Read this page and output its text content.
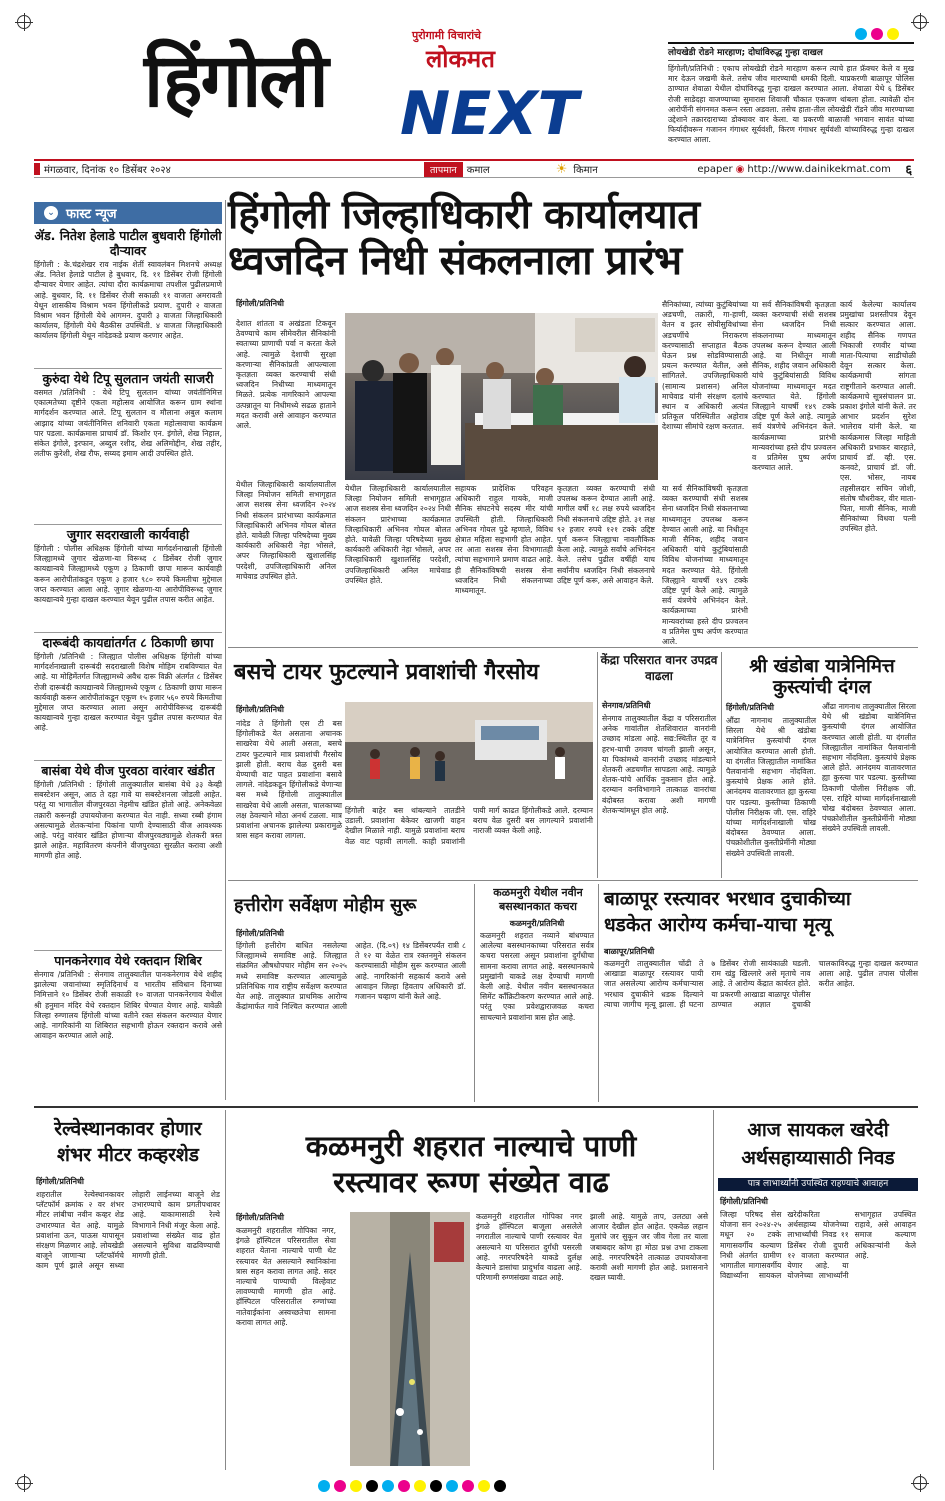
हिंगोली
पुरोगामी विचारांचे
लोकमत
NEXT
लोयखेडी रोडने मारहाण; दोघांविरुद्ध गुन्हा दाखल
हिंगोली/प्रतिनिधी : एकाच लोयखेडी रोडने मारहाण करून त्याचे हात फ्रॅक्चर केले व मुख मार देऊन जखमी केले. तसेच जीव मारण्याची धमकी दिली. याप्रकरणी बाळापूर पोलिस ठाण्यात शेवाळा येथील दोघांविरुद्ध गुन्हा दाखल करण्यात आला. शेवाळा येथे ६ डिसेंबर रोजी साडेदहा वाजण्याच्या सुमारास शिवाजी चौकात एकजण थांबला होता. त्यावेळी दोन आरोपींनी संगनमत करून रस्ता अडवला. तसेच हाता-तील लोयखेडी रॉडने जीव मारण्याच्या उद्देशाने तक्रारदाराच्या डोक्यावर वार केला. या प्रकरणी बाळाजी भगवान सावंत यांच्या फिर्यादीवरून गजानन गंगाधर सूर्यवंशी, किरण गंगाधर सूर्यवंशी यांच्याविरुद्ध गुन्हा दाखल करण्यात आला.
मंगळवार, दिनांक १० डिसेंबर २०२४	तापमान	कमाल	☀ किमान	epaper ◉ http://www.dainikekmat.com	६
⌄ फास्ट न्यूज
ॲड. नितेश हेलाडे पाटील बुधवारी हिंगोली दौऱ्यावर
हिंगोली : के.चंद्रशेखर राव नाईक शेतीं स्वावलंबन मिशनचे अध्यक्ष ॲड. नितेश हेलाडे पाटील हे बुधवार, दि. ११ डिसेंबर रोजी हिंगोली दौऱ्यावर येणार आहेत. त्यांचा दौरा कार्यक्रमाचा तपशील पुढीलप्रमाणे आहे. बुधवार, दि. ११ डिसेंबर रोजी सकाळी ११ वाजता अमरावती येथून शासकीय विश्राम भवन हिंगोलीकडे प्रयाण. दुपारी २ वाजता विश्राम भवन हिंगोली येथे आगमन. दुपारी ३ वाजता जिल्हाधिकारी कार्यालय, हिंगोली येथे बैठकीस उपस्थिती. ४ वाजता जिल्हाधिकारी कार्यालय हिंगोली येथून नांदेडकडे प्रयाण करणार आहेत.
कुरुंदा येथे टिपू सुलतान जयंती साजरी
वसमत /प्रतिनिधी : येथे टिपू सुलतान यांच्या जयंतीनिमित्त एकात्मतेच्या दृष्टीने एकता महोत्सव आयोजित करून ग्राम स्थांना मार्गदर्शन करण्यात आले. टिपू सुलतान व मौलाना अबुल कलाम आझाद यांच्या जयंतीनिमित्त शनिवारी एकता महोत्सवाचा कार्यक्रम पार पडला. कार्यक्रमास प्राचार्य डॉ. किशोर एन. इंगोले, शेख निहाल, संकेत इंगोले, इरफान, अब्दुल रशीद, शेख अलिमोद्दीन, शेख तहीर, लतीफ कुरेशी, शेख रौफ, सय्यद इमाम आदी उपस्थित होते.
जुगार सदराखाली कार्यवाही
हिंगोली : पोलीस अधिक्षक हिंगोली यांच्या मार्गदर्शनाखाली हिंगोली जिल्ह्यामध्ये जुगार खेळणा-या विरूध्द ८ डिसेंबर रोजी जुगार कायद्यान्वये जिल्ह्यामध्ये एकूण ३ ठिकाणी छापा मारून कार्यवाही करून आरोपीतांकडून एकूण ३ हजार ९८० रुपये किमतीचा मुद्देमाल जप्त करण्यात आला आहे. जुगार खेळणा-या आरोपीविरूध्द जुगार कायद्यान्वये गुन्हा दाखल करण्यात येवून पुढील तपास करीत आहेत.
दारूबंदी कायद्यांतर्गत ८ ठिकाणी छापा
हिंगोली /प्रतिनिधी : जिल्ह्यात पोलीस अधिक्षक हिंगोली यांच्या मार्गदर्शनाखाली दारूबंदी सदराखाली विशेष मोहिम राबविण्यात येत आहे. या मोहिमेंतर्गत जिल्ह्यामध्ये अवैध दारू विक्री अंतर्गत ८ डिसेंबर रोजी दारूबंदी कायद्यान्वये जिल्ह्यामध्ये एकूण ८ ठिकाणी छापा मारून कार्यवाही करून आरोपीतांकडून एकूण १५ हजार ५६० रुपये किमतीचा मुद्देमाल जप्त करण्यात आला असून आरोपीविरूध्द दारूबंदी कायद्यान्वये गुन्हा दाखल करण्यात येवून पुढील तपास करण्यात येत आहे.
बासंबा येथे वीज पुरवठा वारंवार खंडीत
हिंगोली /प्रतिनिधी : हिंगोली तालुक्यातील बासंबा येथे ३३ केव्ही सबस्टेशन असून, आठ ते दहा गावे या सबस्टेशनला जोडली आहेत. परंतु या भागातील वीजपुरवठा नेहमीच खंडित होतो आहे. अनेकवेळा तक्रारी करूनही उपाययोजना करण्यात येत नाही. सध्या रब्बी हंगाम असल्यामुळे शेतकऱ्यांना पिकांना पाणी देण्यासाठी वीज आवश्यक आहे. परंतु वारंवार खंडित होणाऱ्या वीजपुरवठ्यामुळे शेतकरी त्रस्त झाले आहेत. महावितरण कंपनीने वीजपुरवठा सुरळीत करावा अशी मागणी होत आहे.
पानकनेरगाव येथे रक्तदान शिबिर
सेनगाव /प्रतिनिधी : सेनगाव तालुक्यातील पानकनेरगाव येथे शहीद झालेल्या जवानांच्या स्मृतिदिनार्थ व भारतीय संविधान दिनाच्या निमित्ताने १० डिसेंबर रोजी सकाळी १० वाजता पानकनेरगाव येथील श्री हनुमान मंदिर येथे रक्तदान शिबिर घेण्यात येणार आहे. यावेळी जिल्हा रुग्णालय हिंगोली यांच्या वतीने रक्त संकलन करण्यात येणार आहे. नागरिकांनी या शिबिरात सहभागी होऊन रक्तदान करावे असे आवाहन करण्यात आले आहे.
हिंगोली जिल्हाधिकारी कार्यालयात
ध्वजदिन निधी संकलनाला प्रारंभ
हिंगोली/प्रतिनिधी
देशात शांतता व अखंडता टिकवून ठेवण्याचे काम सीमेवरील सैनिकांनी स्वतःच्या प्राणाची पर्वा न करता केले आहे. त्यामुळे देशाची सुरक्षा करणाऱ्या सैनिकांप्रती आपल्याला कृतज्ञता व्यक्त करण्याची संधी ध्वजदिन निधीच्या माध्यमातून मिळते. प्रत्येक नागरिकाने आपल्या उत्पन्नातून या निधीमध्ये सढळ हाताने मदत करावी असे आवाहन करण्यात आले.
येथील जिल्हाधिकारी कार्यालयातील जिल्हा नियोजन समिती सभागृहात आज सशस्त्र सेना ध्वजदिन २०२४ निधी संकलन प्रारंभाच्या कार्यक्रमात जिल्हाधिकारी अभिनव गोयल बोलत होते. यावेळी जिल्हा परिषदेच्या मुख्य कार्यकारी अधिकारी नेहा भोसले, अपर जिल्हाधिकारी खुशालसिंह परदेशी, उपजिल्हाधिकारी अनिल माचेवाड उपस्थित होते.
सहायक प्रादेशिक परिवहन अधिकारी राहुल गायके, माजी सैनिक संघटनेचे सदस्य मीर यांची उपस्थिती होती. जिल्हाधिकारी अभिनव गोयल पुढे म्हणाले, विविध क्षेत्रात महिला सहभागी होत आहेत. तर आता सशस्त्र सेना विभागातही त्यांचा सहभागाने प्रमाण वाढत आहे. ही सैनिकांविषयी सशस्त्र सेना ध्वजदिन निधी संकलनाच्या माध्यमातून.
कृतज्ञता व्यक्त करण्याची संधी उपलब्ध करून देण्यात आली आहे. मागील वर्षी १८ लक्ष रुपये ध्वजदिन निधी संकलनाचे उद्दिष्ट होते. ३१ लक्ष ९२ हजार रुपये १२१ टक्के उद्दिष्ट पूर्ण करून जिल्ह्याचा नावलौकिक केला आहे. त्यामुळे सर्वांचे अभिनंदन केले. तसेच पुढील वर्षीही याच सर्वांनीच ध्वजदिन निधी संकलनाचे उद्दिष्ट पूर्ण करू, असे आवाहन केले.
येथील जिल्हाधिकारी कार्यालयातील जिल्हा नियोजन समिती सभागृहात आज सशस्त्र सेना ध्वजदिन २०२४ निधी संकलन प्रारंभाच्या कार्यक्रमात जिल्हाधिकारी अभिनव गोयल बोलत होते. यावेळी जिल्हा परिषदेच्या मुख्य कार्यकारी अधिकारी नेहा भोसले, अपर जिल्हाधिकारी खुशालसिंह परदेशी, उपजिल्हाधिकारी अनिल माचेवाड उपस्थित होते.
सैनिकांच्या, त्यांच्या कुटुंबियांच्या अडचणी, तक्रारी, गा-हाणी, वेतन व इतर सोयीसुविधांच्या अडचणींचे निराकरण करण्यासाठी सप्ताहात बैठक घेऊन प्रश्न सोडविण्यासाठी प्रयत्न करण्यात येतील, असे सांगितले. उपजिल्हाधिकारी (सामान्य प्रशासन) अनिल माचेवाड यांनी संरक्षण दलांचे स्थान व अधिकारी अत्यंत प्रतिकूल परिस्थितीत अहोरात्र देशाच्या सीमांचे रक्षण करतात.
या सर्व सैनिकांविषयी कृतज्ञता व्यक्त करण्याची संधी सशस्त्र सेना ध्वजदिन निधी संकलनाच्या माध्यमातून उपलब्ध करून देण्यात आली आहे. या निधीतून माजी सैनिक, शहीद जवान अधिकारी यांचे कुटुंबियांसाठी विविध योजनांच्या माध्यमातून मदत करण्यात येते. हिंगोली जिल्ह्याने याचर्षी १४९ टक्के उद्दिष्ट पूर्ण केले आहे. त्यामुळे सर्व यंत्रणेचे अभिनंदन केले. कार्यक्रमाच्या प्रारंभी मान्यवरांच्या हस्ते दीप प्रज्वलन व प्रतिमेस पुष्प अर्पण करण्यात आले.
या सर्व सैनिकांविषयी कृतज्ञता व्यक्त करण्याची संधी सशस्त्र सेना ध्वजदिन निधी संकलनाच्या माध्यमातून उपलब्ध करून देण्यात आली आहे. या निधीतून माजी सैनिक, शहीद जवान अधिकारी यांचे कुटुंबियांसाठी विविध योजनांच्या माध्यमातून मदत करण्यात येते. हिंगोली जिल्ह्याने याचर्षी १४९ टक्के उद्दिष्ट पूर्ण केले आहे. त्यामुळे सर्व यंत्रणेचे अभिनंदन केले. कार्यक्रमाच्या प्रारंभी मान्यवरांच्या हस्ते दीप प्रज्वलन व प्रतिमेस पुष्प अर्पण करण्यात आले.
कार्य केलेल्या कार्यालय प्रमुखांचा प्रशस्तीपत्र देवून सत्कार करण्यात आला. शहीद सैनिक गणपत भिकाजी रणवीर यांच्या माता-पित्याचा साडीचोळी देवून सत्कार केला. कार्यक्रमाची सांगता राष्ट्रगीताने करण्यात आली. कार्यक्रमाचे सूत्रसंचालन प्रा. प्रकाश इंगोले यांनी केले. तर आभार प्रदर्शन सुरेश भालेराव यांनी केले. या कार्यक्रमास जिल्हा माहिती अधिकारी प्रभाकर बारहाते, प्राचार्य डॉ. व्ही. एस. कनवटे, प्राचार्य डॉ. जी. एस. भोसर, नायब तहसीलदार सचिन जोशी, संतोष चौधरीकर, वीर माता-पिता, माजी सैनिक, माजी सैनिकांच्या विधवा पत्नी उपस्थित होते.
बसचे टायर फुटल्याने प्रवाशांची गैरसोय
हिंगोली/प्रतिनिधी
नांदेड ते हिंगोली एस टी बस हिंगोलीकडे येत असताना अचानक साखरेवा येथे आली असता, बसचे टायर फुटल्याने मात्र प्रवाशांची गैरसोय झाली होती. बराच वेळ दुसरी बस येण्याची वाट पाहत प्रवाशांना बसावे लागले. नांदेडकडून हिंगोलीकडे येणाऱ्या बस मध्ये हिंगोली तालुक्यातील साखरेवा येथे आली असता, चालकाच्या लक्ष ठेवल्याने मोठा अनर्थ टळला. मात्र प्रवाशांना अचानक झालेल्या प्रकारामुळे त्रास सहन करावा लागला.
हिंगोली बाहेर बस थांबल्याने तातडीने उडाली. प्रवाशांना बेकेवर खाजगी वाहन देखील मिळाले नाही. यामुळे प्रवाशांना बराच वेळ वाट पहावी लागली. काही प्रवाशांनी पायी मार्ग काढत हिंगोलीकडे आले. दरम्यान बराच वेळ दुसरी बस लागल्याने प्रवाशांनी नाराजी व्यक्त केली आहे.
केंद्रा परिसरात वानर उपद्रव वाढला
सेनगाव/प्रतिनिधी
सेनगाव तालुक्यातील केंद्रा व परिसरातील अनेक गावांतील शेतशिवारात वानरांनी उच्छाद मांडला आहे. सद्य:स्थितीत तूर व हरभ-याची उगवण चांगली झाली असून, या पिकांमध्ये वानरांनी उच्छाद मांडल्याने शेतकरी अडचणीत सापडला आहे. त्यामुळे शेतक-यांचे आर्थिक नुकसान होत आहे. दरम्यान वनविभागाने तात्काळ वानरांचा बंदोबस्त करावा अशी मागणी शेतकऱ्यांमधून होत आहे.
श्री खंडोबा यात्रेनिमित्त कुस्त्यांची दंगल
हिंगोली/प्रतिनिधी
औंढा नागनाथ तालुक्यातील सिरला येथे श्री खंडोबा यात्रेनिमित्त कुस्त्यांची दंगल आयोजित करण्यात आली होती. या दंगलीत जिल्ह्यातील नामांकित पैलवानांनी सहभाग नोंदविला. कुस्त्यांचे प्रेक्षक आले होते. आनंदमय वातावरणात ह्या कुस्त्या पार पडल्या. कुस्तीच्या ठिकाणी पोलीस निरीक्षक जी. एस. राहिरे यांच्या मार्गदर्शनाखाली चोख बंदोबस्त ठेवण्यात आला. पंचक्रोशीतील कुस्तीप्रेमींनी मोठ्या संख्येने उपस्थिती लावली.
औंढा नागनाथ तालुक्यातील सिरला येथे श्री खंडोबा यात्रेनिमित्त कुस्त्यांची दंगल आयोजित करण्यात आली होती. या दंगलीत जिल्ह्यातील नामांकित पैलवानांनी सहभाग नोंदविला. कुस्त्यांचे प्रेक्षक आले होते. आनंदमय वातावरणात ह्या कुस्त्या पार पडल्या. कुस्तीच्या ठिकाणी पोलीस निरीक्षक जी. एस. राहिरे यांच्या मार्गदर्शनाखाली चोख बंदोबस्त ठेवण्यात आला. पंचक्रोशीतील कुस्तीप्रेमींनी मोठ्या संख्येने उपस्थिती लावली.
हत्तीरोग सर्वेक्षण मोहीम सुरू
हिंगोली/प्रतिनिधी
हिंगोली हत्तीरोग बाधित नसलेल्या जिल्ह्यामध्ये समाविष्ट आहे. जिल्ह्यात संक्रमित औषधोपचार मोहीम सन २०२५ मध्ये समाविष्ट करण्यात आल्यामुळे प्रतिनिधिक गाव राष्ट्रीय सर्वेक्षण करण्यात येत आहे. तालुक्यात प्राथमिक आरोग्य केंद्रांमार्फत गावे निश्चित करण्यात आली आहेत. (दि.०९) १४ डिसेंबरपर्यंत रात्री ८ ते १२ या वेळेत रात्र रक्तनमुने संकलन करण्यासाठी मोहीम सुरू करण्यात आली आहे. नागरिकांनी सहकार्य करावे असे आवाहन जिल्हा हिवताप अधिकारी डॉ. गजानन चव्हाण यांनी केले आहे.
कळमनुरी येथील नवीन बसस्थानकात कचरा
कळमनुरी/प्रतिनिधी
कळमनुरी शहरात नव्याने बांधण्यात आलेल्या बसस्थानकाच्या परिसरात सर्वत्र कचरा पसरला असून प्रवाशांना दुर्गंधीचा सामना करावा लागत आहे. बसस्थानकाचे प्रमुखांनी याकडे लक्ष देण्याची मागणी केली आहे. येथील नवीन बसस्थानकात सिमेंट कॉंक्रिटीकरण करण्यात आले आहे. परंतु एका प्रवेशद्वाराजवळ कचरा साचल्याने प्रवाशांना त्रास होत आहे.
बाळापूर रस्त्यावर भरधाव दुचाकीच्या
धडकेत आरोग्य कर्मचा-याचा मृत्यू
बाळापूर/प्रतिनिधी
कळमनुरी तालुक्यातील चोंढी ते आखाडा बाळापूर रस्त्यावर पायी जात असलेल्या आरोग्य कर्मचाऱ्यास भरधाव दुचाकीने धडक दिल्याने त्याचा जागीच मृत्यू झाला. ही घटना ७ डिसेंबर रोजी सायंकाळी घडली. राम खंडु खिल्लारे असे मृताचे नाव आहे. ते आरोग्य केंद्रात कार्यरत होते. या प्रकरणी आखाडा बाळापूर पोलीस ठाण्यात अज्ञात दुचाकी चालकाविरुद्ध गुन्हा दाखल करण्यात आला आहे. पुढील तपास पोलीस करीत आहेत.
रेल्वेस्थानकावर होणार
शंभर मीटर कव्हरशेड
हिंगोली/प्रतिनिधी
शहरातील रेल्वेस्थानकावर प्लॅटफॉर्म क्रमांक २ वर शंभर मीटर लांबीचा नवीन कव्हर शेड उभारण्यात येत आहे. यामुळे प्रवाशांना ऊन, पाऊस यापासून संरक्षण मिळणार आहे. लोयखेडी बाजूने जाणाऱ्या प्लॅटफॉर्मचे काम पूर्ण झाले असून सध्या लोहारी लाईनच्या बाजूने शेड उभारण्याचे काम प्रगतीपथावर आहे. याकामासाठी रेल्वे विभागाने निधी मंजूर केला आहे. प्रवाशांच्या संख्येत वाढ होत असल्याने सुविधा वाढविण्याची मागणी होती.
कळमनुरी शहरात नाल्याचे पाणी
रस्त्यावर रूग्ण संख्येत वाढ
हिंगोली/प्रतिनिधी
कळमनुरी शहरातील गोपिका नगर, इंगळे हॉस्पिटल परिसरातील सेवा शहरात येताना नाल्याचे पाणी थेट रस्त्यावर येत असल्याने स्थानिकांना त्रास सहन करावा लागत आहे. सदर नाल्याचे पाण्याची विल्हेवाट लावण्याची मागणी होत आहे. हॉस्पिटल परिसरातील रुग्णांच्या नातेवाईकांना अस्वच्छतेचा सामना करावा लागत आहे.
कळमनुरी शहरातील गोपिका नगर इंगळे हॉस्पिटल बाजूला असलेले नगरातील नाल्याचे पाणी रस्त्यावर येत असल्याने या परिसरात दुर्गंधी पसरली आहे. नगरपरिषदेने याकडे दुर्लक्ष केल्याने डासांचा प्रादुर्भाव वाढला आहे. परिणामी रुग्णसंख्या वाढत आहे.
झाली आहे. यामुळे ताप, उलट्या असे आजार देखील होत आहेत. एकवेळ लहान मुलांचे जर सुकून जर जीव गेला तर याला जबाबदार कोण हा मोठा प्रश्न उभा टाकला आहे. नगरपरिषदेने तात्काळ उपाययोजना करावी अशी मागणी होत आहे. प्रशासनाने दखल घ्यावी.
आज सायकल खरेदी
अर्थसहाय्यासाठी निवड
पात्र लाभार्थ्यांनी उपस्थित राहण्याचे आवाहन
हिंगोली/प्रतिनिधी
जिल्हा परिषद सेस योजना सन २०२४-२५ मधून २० टक्के मागासवर्गीय कल्याण निधी अंतर्गत ग्रामीण भागातील मागासवर्गीय विद्यार्थ्यांना सायकल खरेदीकरिता अर्थसहाय्य योजनेच्या लाभार्थ्यांची निवड ११ डिसेंबर रोजी दुपारी १२ वाजता करण्यात येणार आहे. या योजनेच्या लाभार्थ्यांनी सभागृहात उपस्थित राहावे, असे आवाहन समाज कल्याण अधिकाऱ्यांनी केले आहे.
